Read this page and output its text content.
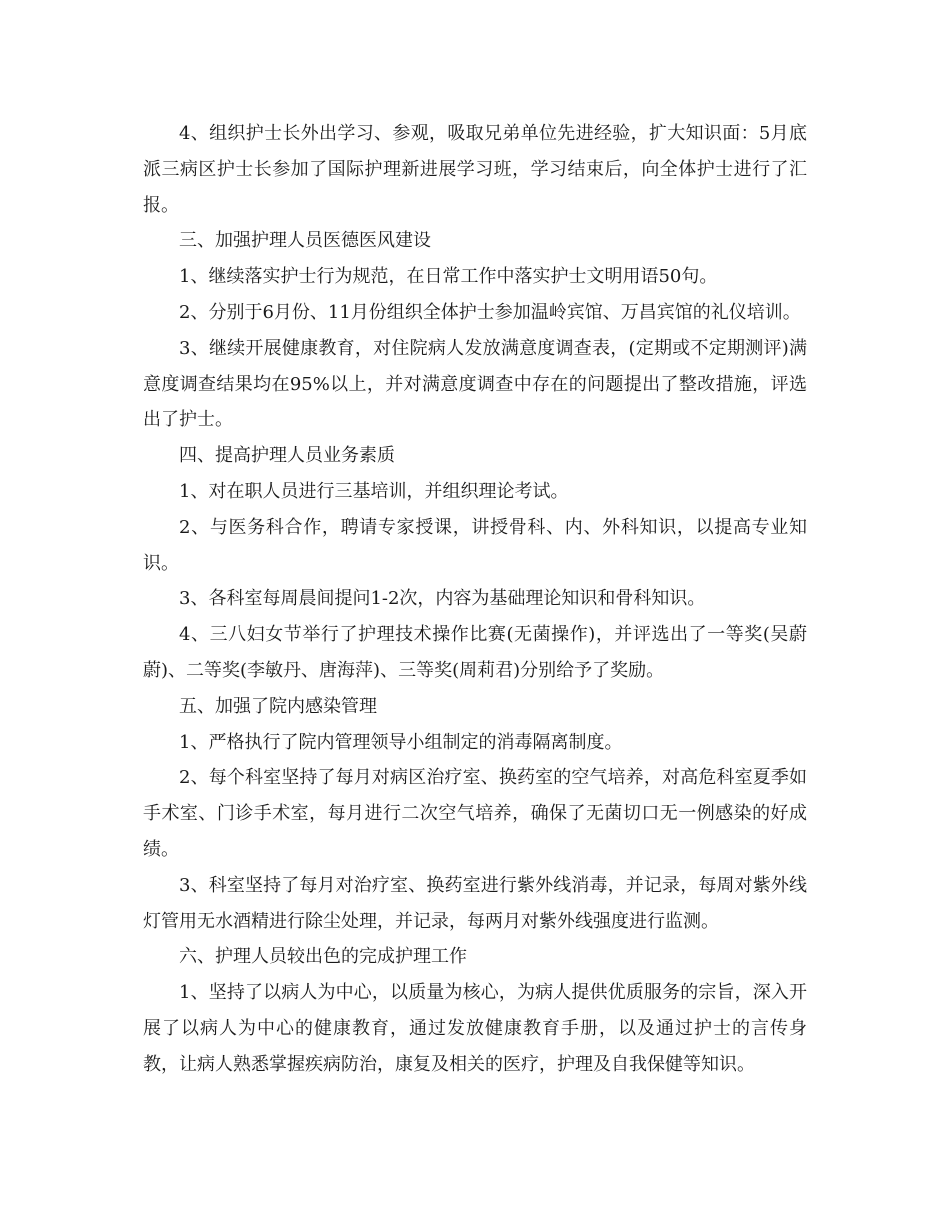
4、组织护士长外出学习、参观，吸取兄弟单位先进经验，扩大知识面：5月底派三病区护士长参加了国际护理新进展学习班，学习结束后，向全体护士进行了汇报。

三、加强护理人员医德医风建设

1、继续落实护士行为规范，在日常工作中落实护士文明用语50句。

2、分别于6月份、11月份组织全体护士参加温岭宾馆、万昌宾馆的礼仪培训。

3、继续开展健康教育，对住院病人发放满意度调查表，(定期或不定期测评)满意度调查结果均在95%以上，并对满意度调查中存在的问题提出了整改措施，评选出了护士。

四、提高护理人员业务素质

1、对在职人员进行三基培训，并组织理论考试。

2、与医务科合作，聘请专家授课，讲授骨科、内、外科知识，以提高专业知识。

3、各科室每周晨间提问1-2次，内容为基础理论知识和骨科知识。

4、三八妇女节举行了护理技术操作比赛(无菌操作)，并评选出了一等奖(吴蔚蔚)、二等奖(李敏丹、唐海萍)、三等奖(周莉君)分别给予了奖励。

五、加强了院内感染管理

1、严格执行了院内管理领导小组制定的消毒隔离制度。

2、每个科室坚持了每月对病区治疗室、换药室的空气培养，对高危科室夏季如手术室、门诊手术室，每月进行二次空气培养，确保了无菌切口无一例感染的好成绩。

3、科室坚持了每月对治疗室、换药室进行紫外线消毒，并记录，每周对紫外线灯管用无水酒精进行除尘处理，并记录，每两月对紫外线强度进行监测。

六、护理人员较出色的完成护理工作

1、坚持了以病人为中心，以质量为核心，为病人提供优质服务的宗旨，深入开展了以病人为中心的健康教育，通过发放健康教育手册，以及通过护士的言传身教，让病人熟悉掌握疾病防治，康复及相关的医疗，护理及自我保健等知识。
